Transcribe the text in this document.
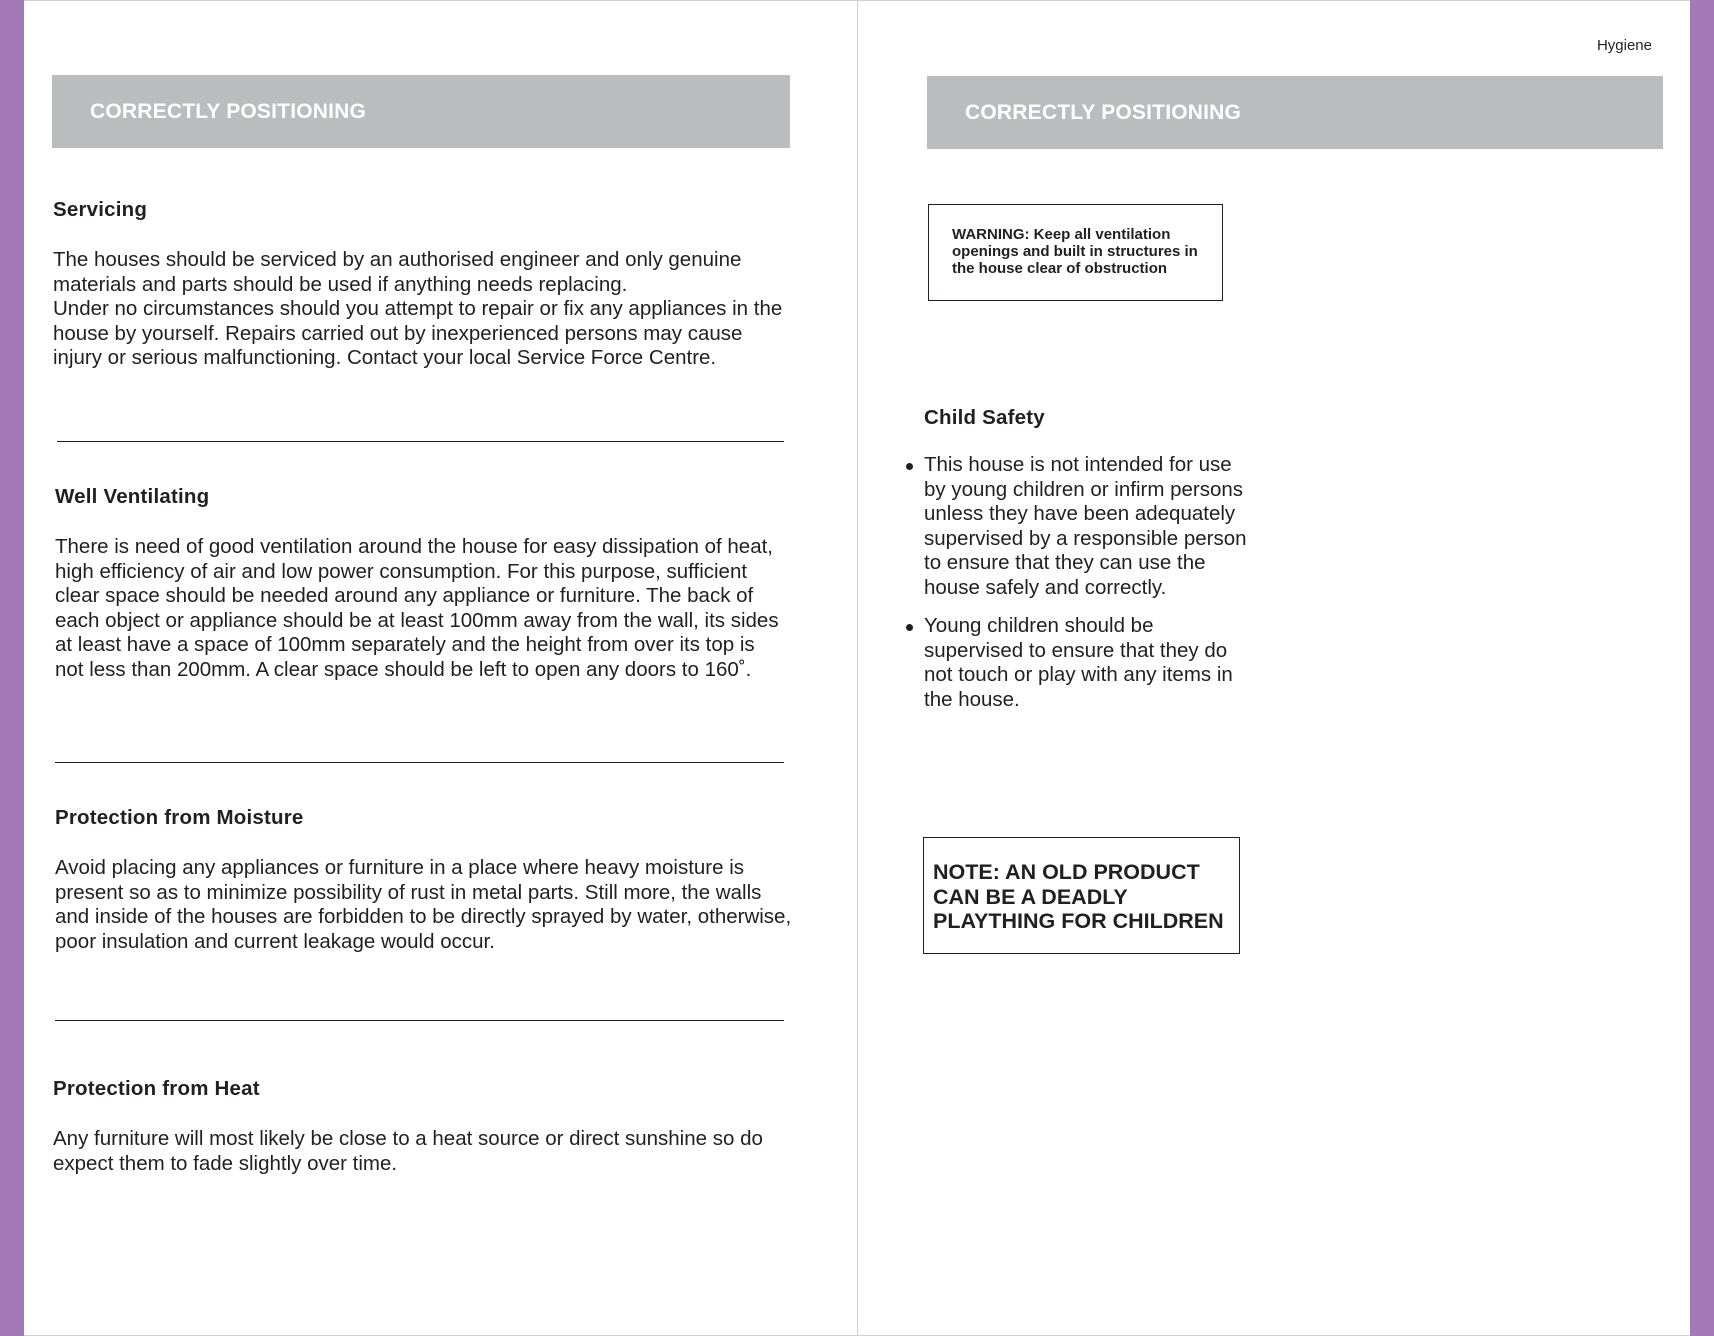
CORRECTLY POSITIONING
Servicing

The houses should be serviced by an authorised engineer and only genuine materials and parts should be used if anything needs replacing.
Under no circumstances should you attempt to repair or fix any appliances in the house by yourself. Repairs carried out by inexperienced persons may cause injury or serious malfunctioning. Contact your local Service Force Centre.

Well Ventilating

There is need of good ventilation around the house for easy dissipation of heat, high efficiency of air and low power consumption. For this purpose, sufficient clear space should be needed around any appliance or furniture. The back of each object or appliance should be at least 100mm away from the wall, its sides at least have a space of 100mm separately and the height from over its top is not less than 200mm. A clear space should be left to open any doors to 160˚.

Protection from Moisture

Avoid placing any appliances or furniture in a place where heavy moisture is present so as to minimize possibility of rust in metal parts. Still more, the walls and inside of the houses are forbidden to be directly sprayed by water, otherwise, poor insulation and current leakage would occur.

Protection from Heat

Any furniture will most likely be close to a heat source or direct sunshine so do expect them to fade slightly over time.

Hygiene
CORRECTLY POSITIONING
WARNING: Keep all ventilation openings and built in structures in the house clear of obstruction
Child Safety
This house is not intended for use by young children or infirm persons unless they have been adequately supervised by a responsible person to ensure that they can use the house safely and correctly.
Young children should be supervised to ensure that they do not touch or play with any items in the house.
NOTE: AN OLD PRODUCT CAN BE A DEADLY PLAYTHING FOR CHILDREN
